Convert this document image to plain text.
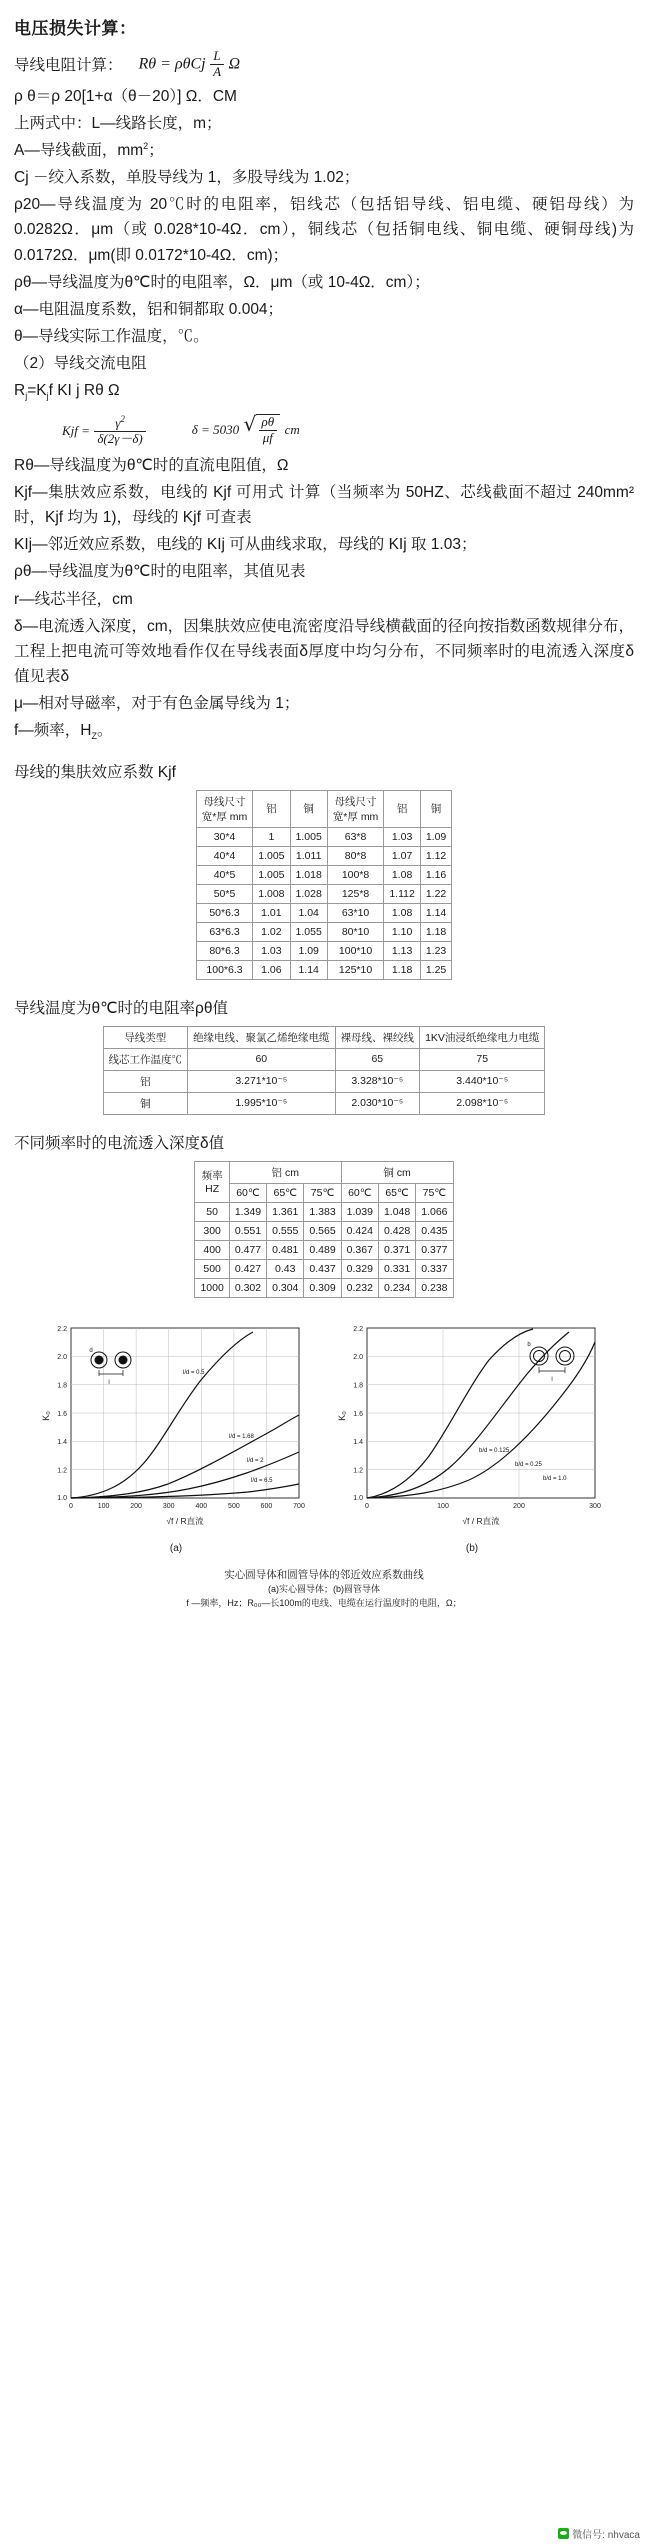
电压损失计算：
导线电阻计算： Rθ = ρθCj $\frac{L}{A}$ Ω

ρ θ＝ρ 20[1+α（θ－20）] Ω．CM

上两式中：L—线路长度，m；

A—导线截面，$mm^2$；

Cj －绞入系数，单股导线为 1，多股导线为 1.02；

ρ20—导线温度为 20℃时的电阻率，铝线芯（包括铝导线、铝电缆、硬铝母线）为 0.0282Ω．μm（或 0.028*10-4Ω．cm），铜线芯（包括铜电线、铜电缆、硬铜母线)为 0.0172Ω．μm(即 0.0172*10-4Ω．cm)；

ρθ—导线温度为θ℃时的电阻率，Ω．μm（或 10-4Ω．cm）；

α—电阻温度系数，铝和铜都取 0.004；

θ—导线实际工作温度，℃。

（2）导线交流电阻

$R_j=K_jf$ KI j Rθ Ω

Kjf = $\frac{\gamma^2}{\delta(2\gamma-\delta)}$	δ = 5030 √ $\frac{\rho\theta}{\mu f}$ cm

Rθ—导线温度为θ℃时的直流电阻值，Ω

Kjf—集肤效应系数，电线的 Kjf 可用式 计算（当频率为 50HZ、芯线截面不超过 240mm² 时，Kjf 均为 1)，母线的 Kjf 可查表

KIj—邻近效应系数，电线的 KIj 可从曲线求取，母线的 KIj 取 1.03；

ρθ—导线温度为θ℃时的电阻率，其值见表

r—线芯半径，cm

δ—电流透入深度，cm，因集肤效应使电流密度沿导线横截面的径向按指数函数规律分布，工程上把电流可等效地看作仅在导线表面δ厚度中均匀分布，不同频率时的电流透入深度δ值见表δ

μ—相对导磁率，对于有色金属导线为 1；

f—频率，$H_Z$。

母线的集肤效应系数 Kjf
母线尺寸
宽*厚 mm	铝	铜	母线尺寸
宽*厚 mm	铝	铜
30*4	1	1.005	63*8	1.03	1.09
40*4	1.005	1.011	80*8	1.07	1.12
40*5	1.005	1.018	100*8	1.08	1.16
50*5	1.008	1.028	125*8	1.112	1.22
50*6.3	1.01	1.04	63*10	1.08	1.14
63*6.3	1.02	1.055	80*10	1.10	1.18
80*6.3	1.03	1.09	100*10	1.13	1.23
100*6.3	1.06	1.14	125*10	1.18	1.25
导线温度为θ℃时的电阻率ρθ值
导线类型	绝缘电线、聚氯乙烯绝缘电缆	裸母线、裸绞线	1KV油浸纸绝缘电力电缆
线芯工作温度℃	60	65	75
铝	3.271*10⁻⁵	3.328*10⁻⁵	3.440*10⁻⁵
铜	1.995*10⁻⁵	2.030*10⁻⁵	2.098*10⁻⁵
不同频率时的电流透入深度δ值
频率
HZ	铝 cm			铜 cm		
	60℃	65℃	75℃	60℃	65℃	75℃
50	1.349	1.361	1.383	1.039	1.048	1.066
300	0.551	0.555	0.565	0.424	0.428	0.435
400	0.477	0.481	0.489	0.367	0.371	0.377
500	0.427	0.43	0.437	0.329	0.331	0.337
1000	0.302	0.304	0.309	0.232	0.234	0.238
2.2
2.0
1.8
1.6
1.4
1.2
1.0
0	100	200	300	400	500	600	700
K₀
√f / R直流
l/d = 0.5
l/d = 1.68
l/d = 2
l/d = 6.5
l
d
(a)
2.2
2.0
1.8
1.6
1.4
1.2
1.0
0	100	200	300
K₀
√f / R直流
b/d = 0.125
b/d = 0.25
b/d = 1.0
l
b
(b)
实心圆导体和圆管导体的邻近效应系数曲线
(a)实心圆导体；(b)圆管导体
f —频率，Hz；R₀₀—长100m的电线、电缆在运行温度时的电阻，Ω；
微信号: nhvaca
